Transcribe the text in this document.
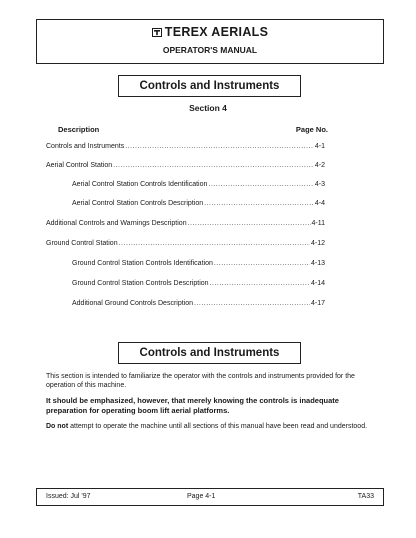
TEREX AERIALS
OPERATOR'S MANUAL
Controls and Instruments
Section 4
Description	Page No.
Controls and Instruments .....	4-1
Aerial Control Station .....	4-2
Aerial Control Station Controls Identification .....	4-3
Aerial Control Station Controls Description .....	4-4
Additional Controls and Warnings Description .....	4-11
Ground Control Station .....	4-12
Ground Control Station Controls Identification .....	4-13
Ground Control Station Controls Description .....	4-14
Additional Ground Controls Description .....	4-17
Controls and Instruments
This section is intended to familiarize the operator with the controls and instruments provided for the operation of this machine.
It should be emphasized, however, that merely knowing the controls is inadequate preparation for operating boom lift aerial platforms.
Do not attempt to operate the machine until all sections of this manual have been read and understood.
Issued: Jul '97	Page 4-1	TA33
